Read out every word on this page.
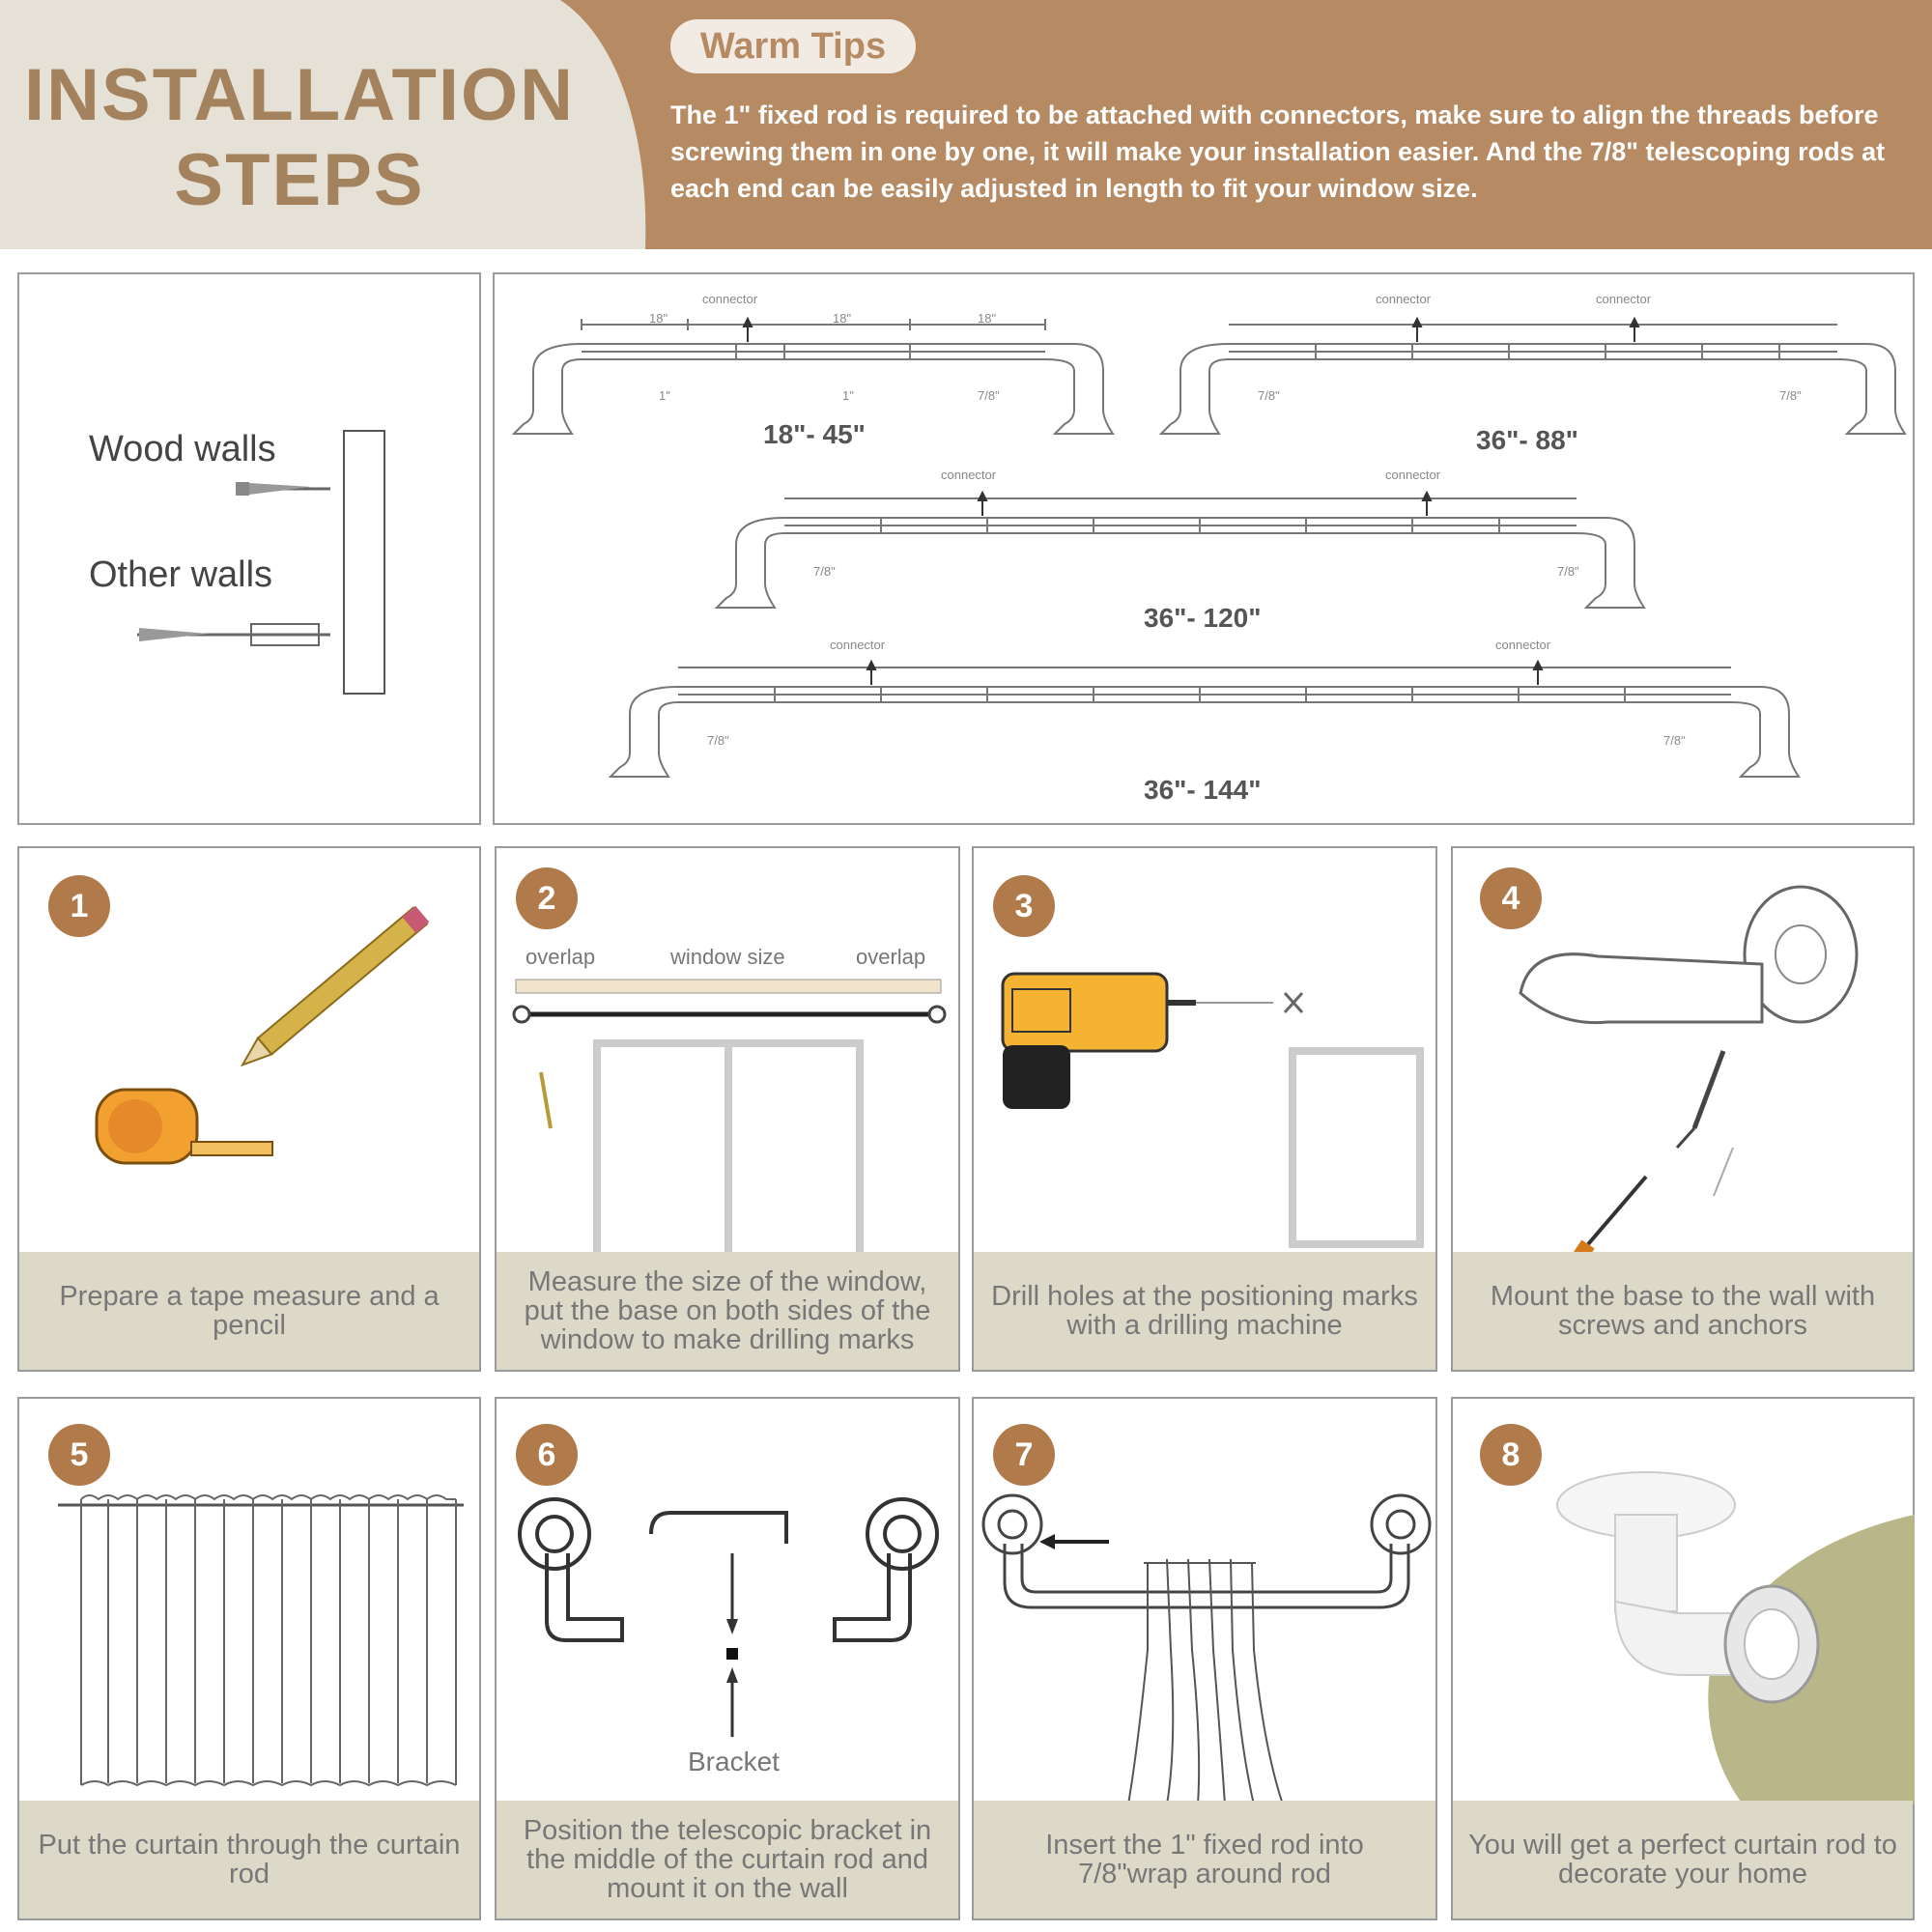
INSTALLATION
STEPS
Warm Tips
The 1" fixed rod is required to be attached with connectors, make sure to align the threads before screwing them in one by one, it will make your installation easier. And the 7/8" telescoping rods at each end can be easily adjusted in length to fit your window size.
Wood walls
Other walls
connector	connector	connector
connector	connector
connector	connector
18"	18"	18"
1"	1"	7/8"	7/8"	7/8"
7/8"	7/8"
7/8"	7/8"
18"- 45"	36"- 88"
36"- 120"
36"- 144"
1
Prepare a tape measure and a pencil
2
overlap	window size	overlap
Measure the size of the window, put the base on both sides of the window to make drilling marks
3
Drill holes at the positioning marks with a drilling machine
4
Mount the base to the wall with screws and anchors
5
Put the curtain through the curtain rod
6
Bracket
Position the telescopic bracket in the middle of the curtain rod and mount it on the wall
7
Insert the 1" fixed rod into 7/8"wrap around rod
8
You will get a perfect curtain rod to decorate your home
